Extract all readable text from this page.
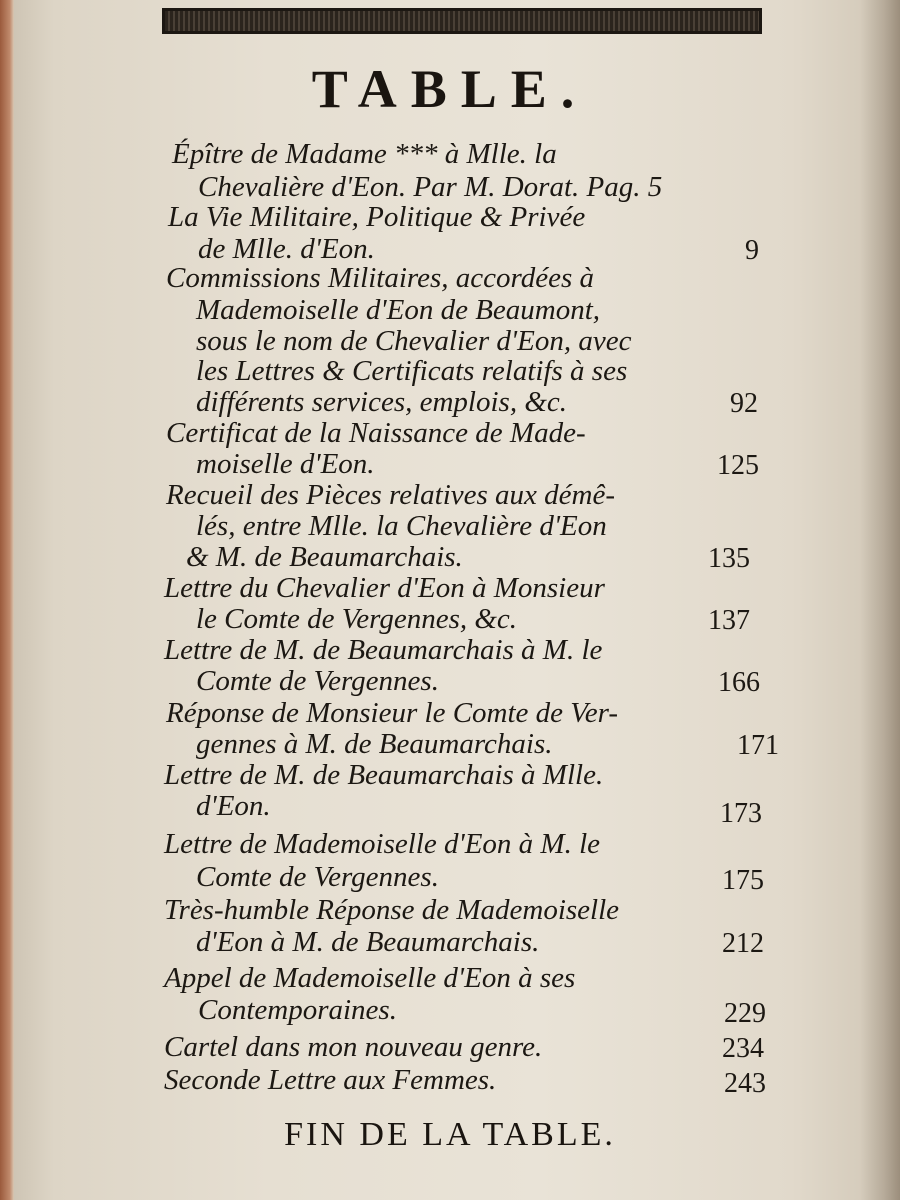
TABLE.
Épître de Madame *** à Mlle. la
Chevalière d'Eon. Par M. Dorat. Pag. 5
La Vie Militaire, Politique & Privée
de Mlle. d'Eon.	9
Commissions Militaires, accordées à
Mademoiselle d'Eon de Beaumont,
sous le nom de Chevalier d'Eon, avec
les Lettres & Certificats relatifs à ses
différents services, emplois, &c.	92
Certificat de la Naissance de Made-
moiselle d'Eon.	125
Recueil des Pièces relatives aux démê-
lés, entre Mlle. la Chevalière d'Eon
& M. de Beaumarchais.	135
Lettre du Chevalier d'Eon à Monsieur
le Comte de Vergennes, &c.	137
Lettre de M. de Beaumarchais à M. le
Comte de Vergennes.	166
Réponse de Monsieur le Comte de Ver-
gennes à M. de Beaumarchais.	171
Lettre de M. de Beaumarchais à Mlle.
d'Eon.	173
Lettre de Mademoiselle d'Eon à M. le
Comte de Vergennes.	175
Très-humble Réponse de Mademoiselle
d'Eon à M. de Beaumarchais.	212
Appel de Mademoiselle d'Eon à ses
Contemporaines.	229
Cartel dans mon nouveau genre.	234
Seconde Lettre aux Femmes.	243
FIN DE LA TABLE.
